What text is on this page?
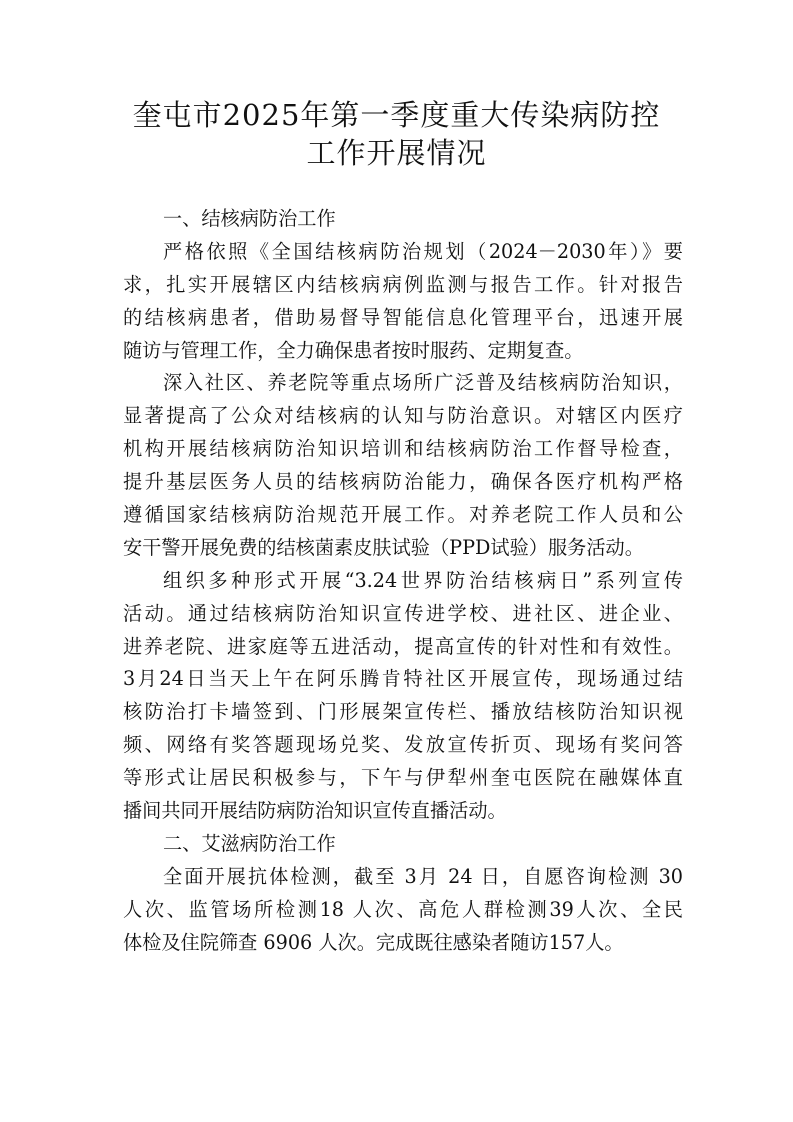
奎屯市2025年第一季度重大传染病防控
工作开展情况
一、结核病防治工作
严格依照《全国结核病防治规划（2024－2030年）》要
求，扎实开展辖区内结核病病例监测与报告工作。针对报告
的结核病患者，借助易督导智能信息化管理平台，迅速开展
随访与管理工作，全力确保患者按时服药、定期复查。
深入社区、养老院等重点场所广泛普及结核病防治知识，
显著提高了公众对结核病的认知与防治意识。对辖区内医疗
机构开展结核病防治知识培训和结核病防治工作督导检查，
提升基层医务人员的结核病防治能力，确保各医疗机构严格
遵循国家结核病防治规范开展工作。对养老院工作人员和公
安干警开展免费的结核菌素皮肤试验（PPD试验）服务活动。
组织多种形式开展“3.24世界防治结核病日”系列宣传
活动。通过结核病防治知识宣传进学校、进社区、进企业、
进养老院、进家庭等五进活动，提高宣传的针对性和有效性。
3月24日当天上午在阿乐腾肯特社区开展宣传，现场通过结
核防治打卡墙签到、门形展架宣传栏、播放结核防治知识视
频、网络有奖答题现场兑奖、发放宣传折页、现场有奖问答
等形式让居民积极参与，下午与伊犁州奎屯医院在融媒体直
播间共同开展结防病防治知识宣传直播活动。
二、艾滋病防治工作
全面开展抗体检测，截至 3月 24 日，自愿咨询检测 30
人次、监管场所检测18 人次、高危人群检测39人次、全民
体检及住院筛查 6906 人次。完成既往感染者随访157人。
